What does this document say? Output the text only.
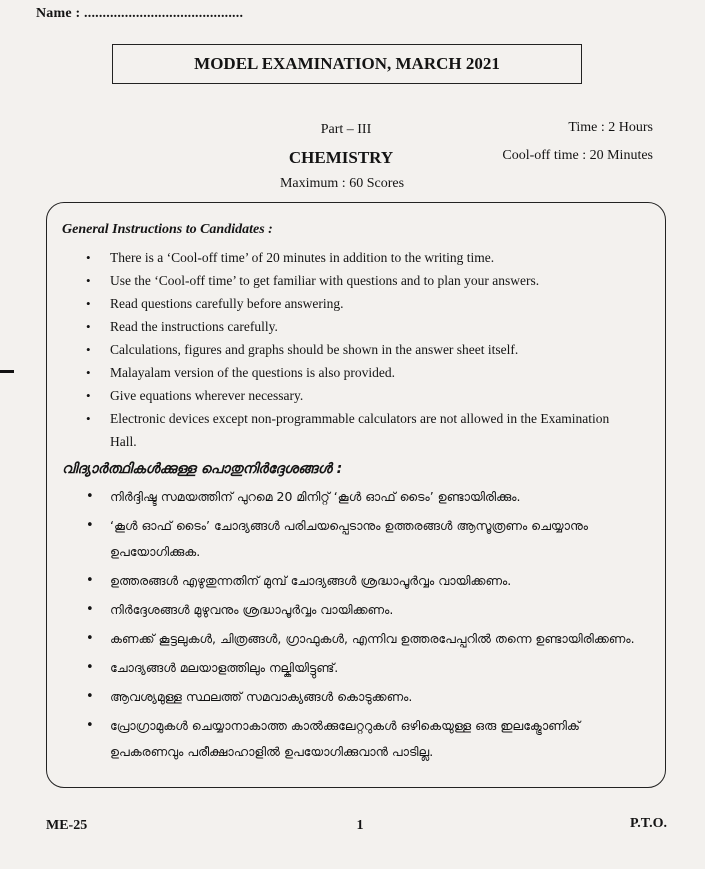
Name : ...........................................
MODEL EXAMINATION, MARCH 2021
Part – III	Time : 2 Hours
CHEMISTRY	Cool-off time : 20 Minutes
Maximum : 60 Scores
General Instructions to Candidates :
• There is a ‘Cool-off time’ of 20 minutes in addition to the writing time.
• Use the ‘Cool-off time’ to get familiar with questions and to plan your answers.
• Read questions carefully before answering.
• Read the instructions carefully.
• Calculations, figures and graphs should be shown in the answer sheet itself.
• Malayalam version of the questions is also provided.
• Give equations wherever necessary.
• Electronic devices except non-programmable calculators are not allowed in the Examination Hall.
വിദ്യാർത്ഥികൾക്കുള്ള പൊതുനിർദ്ദേശങ്ങൾ :
• നിർദ്ദിഷ്ട സമയത്തിന് പുറമെ 20 മിനിറ്റ് ‘കൂൾ ഓഫ് ടൈം’ ഉണ്ടായിരിക്കും.
• ‘കൂൾ ഓഫ് ടൈം’ ചോദ്യങ്ങൾ പരിചയപ്പെടാനും ഉത്തരങ്ങൾ ആസൂത്രണം ചെയ്യാനും ഉപയോഗിക്കുക.
• ഉത്തരങ്ങൾ എഴുതുന്നതിന് മുമ്പ് ചോദ്യങ്ങൾ ശ്രദ്ധാപൂർവ്വം വായിക്കണം.
• നിർദ്ദേശങ്ങൾ മുഴുവനും ശ്രദ്ധാപൂർവ്വം വായിക്കണം.
• കണക്ക് കൂട്ടലുകൾ, ചിത്രങ്ങൾ, ഗ്രാഫുകൾ, എന്നിവ ഉത്തരപേപ്പറിൽ തന്നെ ഉണ്ടായിരിക്കണം.
• ചോദ്യങ്ങൾ മലയാളത്തിലും നല്കിയിട്ടുണ്ട്.
• ആവശ്യമുള്ള സ്ഥലത്ത് സമവാക്യങ്ങൾ കൊടുക്കണം.
• പ്രോഗ്രാമുകൾ ചെയ്യാനാകാത്ത കാൽക്കുലേറ്ററുകൾ ഒഴികെയുള്ള ഒരു ഇലക്ട്രോണിക് ഉപകരണവും പരീക്ഷാഹാളിൽ ഉപയോഗിക്കുവാൻ പാടില്ല.
ME-25	1	P.T.O.
